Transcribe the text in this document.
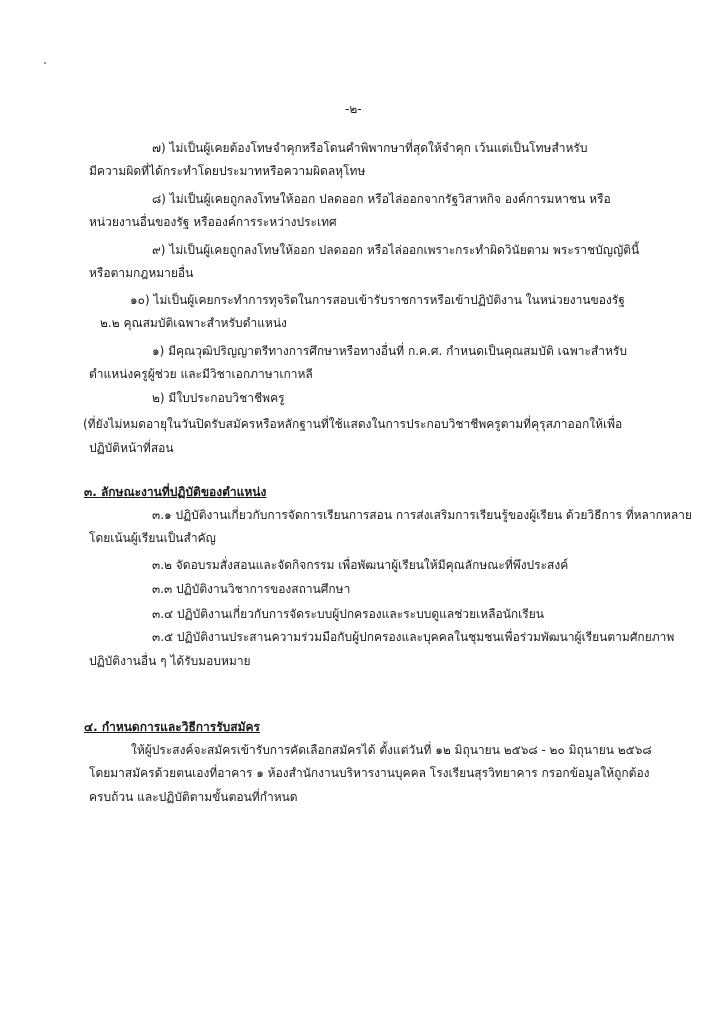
-๒-
๗) ไม่เป็นผู้เคยต้องโทษจำคุกหรือโดนคำพิพากษาที่สุดให้จำคุก เว้นแต่เป็นโทษสำหรับ
มีความผิดที่ได้กระทำโดยประมาทหรือความผิดลหุโทษ
๘) ไม่เป็นผู้เคยถูกลงโทษให้ออก ปลดออก หรือไล่ออกจากรัฐวิสาหกิจ องค์การมหาชน หรือ
หน่วยงานอื่นของรัฐ หรือองค์การระหว่างประเทศ
๙) ไม่เป็นผู้เคยถูกลงโทษให้ออก ปลดออก หรือไล่ออกเพราะกระทำผิดวินัยตาม พระราชบัญญัตินี้
หรือตามกฎหมายอื่น
๑๐) ไม่เป็นผู้เคยกระทำการทุจริตในการสอบเข้ารับราชการหรือเข้าปฏิบัติงาน ในหน่วยงานของรัฐ
๒.๒ คุณสมบัติเฉพาะสำหรับตำแหน่ง
๑) มีคุณวุฒิปริญญาตรีทางการศึกษาหรือทางอื่นที่ ก.ค.ศ. กำหนดเป็นคุณสมบัติ เฉพาะสำหรับ
ตำแหน่งครูผู้ช่วย และมีวิชาเอกภาษาเกาหลี
๒) มีใบประกอบวิชาชีพครู
(ที่ยังไม่หมดอายุในวันปิดรับสมัครหรือหลักฐานที่ใช้แสดงในการประกอบวิชาชีพครูตามที่คุรุสภาออกให้เพื่อ
ปฏิบัติหน้าที่สอน
๓. ลักษณะงานที่ปฏิบัติของตำแหน่ง
๓.๑ ปฏิบัติงานเกี่ยวกับการจัดการเรียนการสอน การส่งเสริมการเรียนรู้ของผู้เรียน ด้วยวิธีการ ที่หลากหลาย
โดยเน้นผู้เรียนเป็นสำคัญ
๓.๒ จัดอบรมสั่งสอนและจัดกิจกรรม เพื่อพัฒนาผู้เรียนให้มีคุณลักษณะที่พึงประสงค์
๓.๓ ปฏิบัติงานวิชาการของสถานศึกษา
๓.๔ ปฏิบัติงานเกี่ยวกับการจัดระบบผู้ปกครองและระบบดูแลช่วยเหลือนักเรียน
๓.๕ ปฏิบัติงานประสานความร่วมมือกับผู้ปกครองและบุคคลในชุมชนเพื่อร่วมพัฒนาผู้เรียนตามศักยภาพ
ปฏิบัติงานอื่น ๆ ได้รับมอบหมาย
๔. กำหนดการและวิธีการรับสมัคร
ให้ผู้ประสงค์จะสมัครเข้ารับการคัดเลือกสมัครได้ ตั้งแต่วันที่ ๑๒ มิถุนายน ๒๕๖๘ - ๒๐ มิถุนายน ๒๕๖๘
โดยมาสมัครด้วยตนเองที่อาคาร ๑ ห้องสำนักงานบริหารงานบุคคล โรงเรียนสุรวิทยาคาร กรอกข้อมูลให้ถูกต้อง
ครบถ้วน และปฏิบัติตามขั้นตอนที่กำหนด
